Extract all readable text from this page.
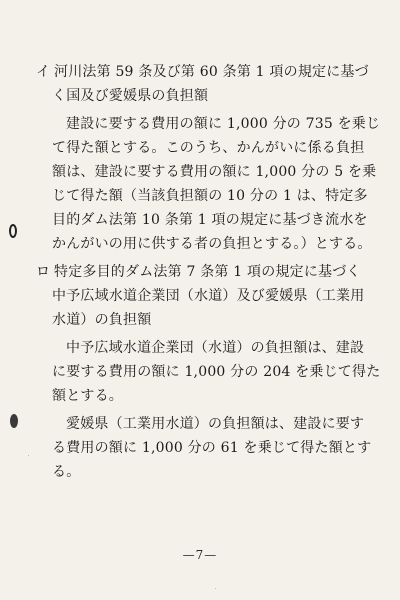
イ 河川法第 59 条及び第 60 条第 1 項の規定に基づ
く国及び愛媛県の負担額
建設に要する費用の額に 1,000 分の 735 を乗じ
て得た額とする。このうち、かんがいに係る負担
額は、建設に要する費用の額に 1,000 分の 5 を乗
じて得た額（当該負担額の 10 分の 1 は、特定多
目的ダム法第 10 条第 1 項の規定に基づき流水を
かんがいの用に供する者の負担とする。）とする。
ロ 特定多目的ダム法第 7 条第 1 項の規定に基づく
中予広域水道企業団（水道）及び愛媛県（工業用
水道）の負担額
中予広域水道企業団（水道）の負担額は、建設
に要する費用の額に 1,000 分の 204 を乗じて得た
額とする。
愛媛県（工業用水道）の負担額は、建設に要す
る費用の額に 1,000 分の 61 を乗じて得た額とす
る。
—7—
